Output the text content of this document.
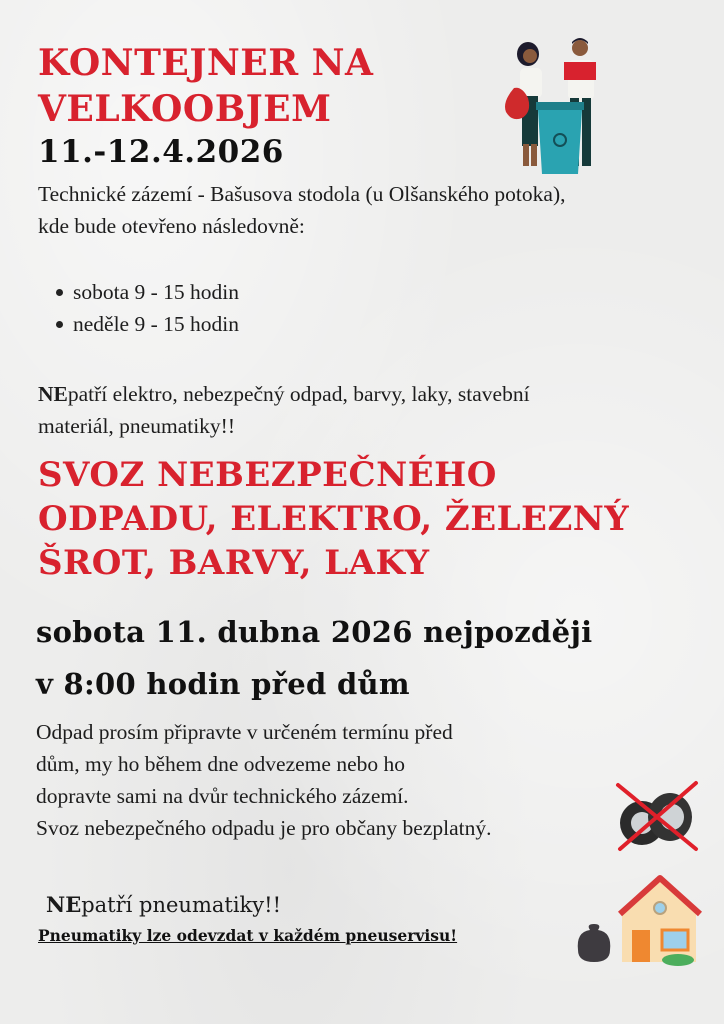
KONTEJNER NA
VELKOOBJEM
11.-12.4.2026
Technické zázemí - Bašusova stodola (u Olšanského potoka),
kde bude otevřeno následovně:
sobota 9 - 15 hodin
neděle 9 - 15 hodin
NEpatří elektro, nebezpečný odpad, barvy, laky, stavební
materiál, pneumatiky!!
SVOZ NEBEZPEČNÉHO
ODPADU, ELEKTRO, ŽELEZNÝ
ŠROT, BARVY, LAKY
sobota 11. dubna 2026 nejpozději
v 8:00 hodin před dům
Odpad prosím připravte v určeném termínu před
dům, my ho během dne odvezeme nebo ho
dopravte sami na dvůr technického zázemí.
Svoz nebezpečného odpadu je pro občany bezplatný.
NEpatří pneumatiky!!
Pneumatiky lze odevzdat v každém pneuservisu!
